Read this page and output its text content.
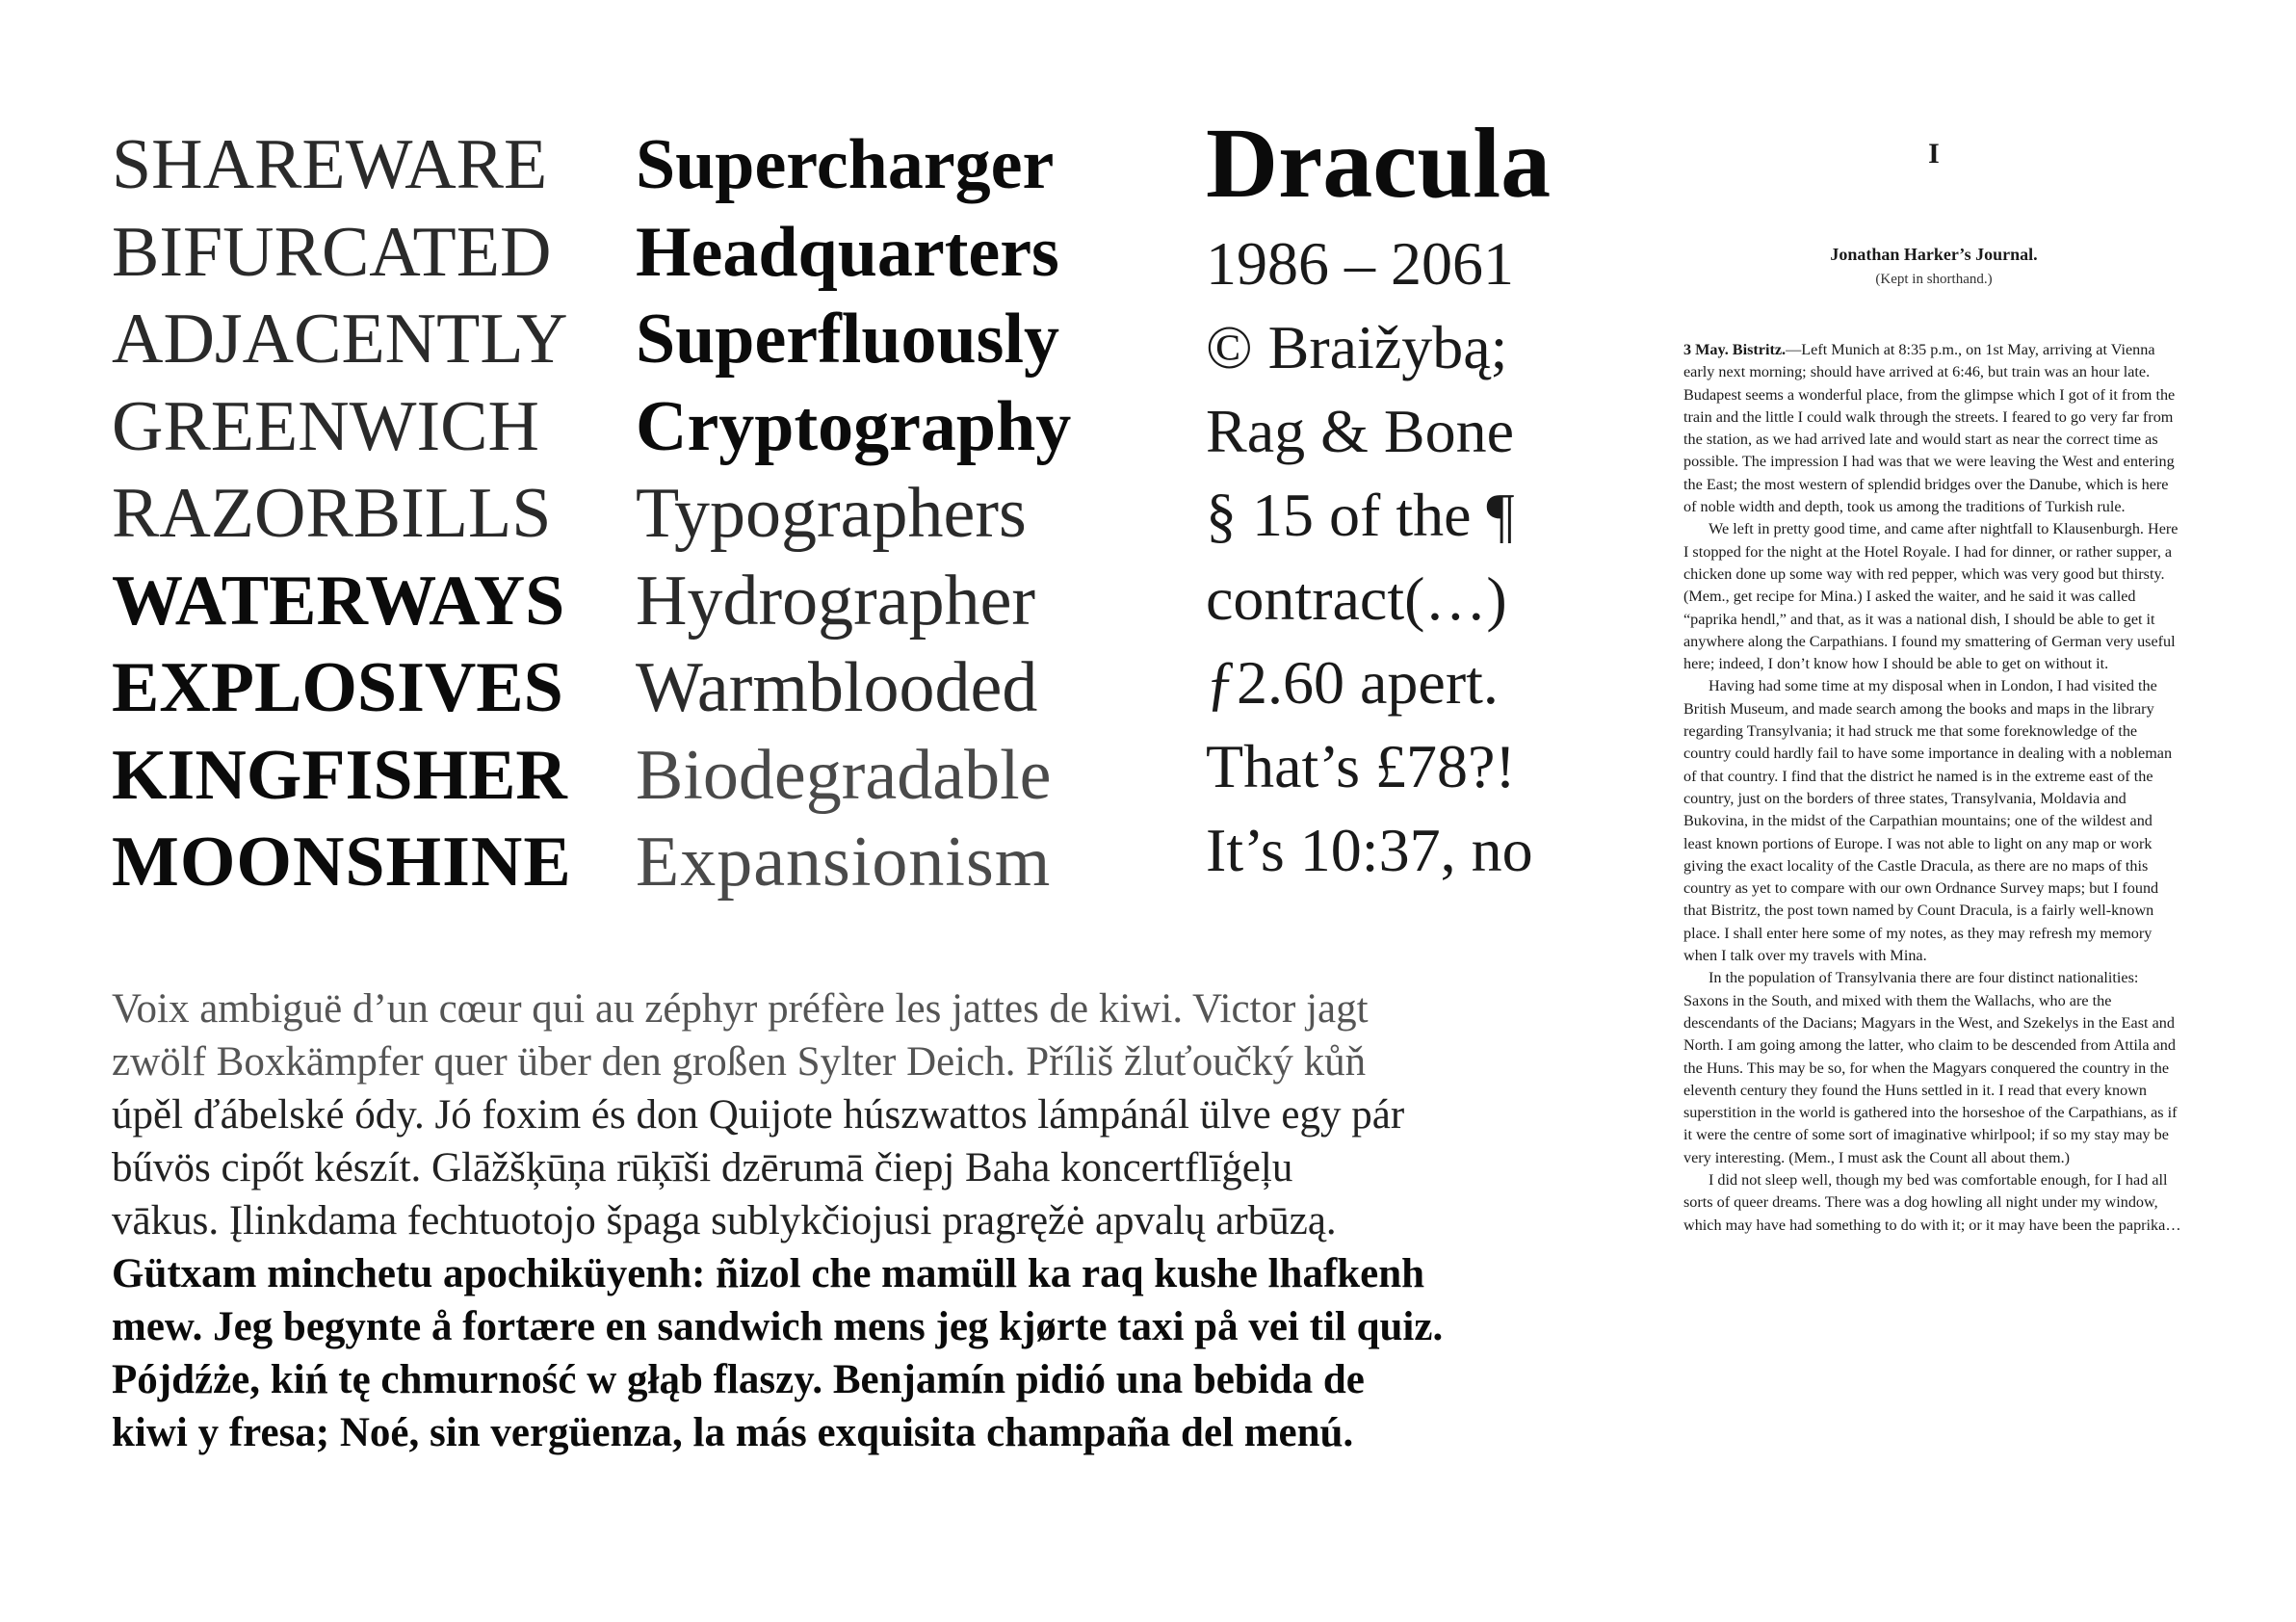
SHAREWARE
BIFURCATED
ADJACENTLY
GREENWICH
RAZORBILLS
WATERWAYS
EXPLOSIVES
KINGFISHER
MOONSHINE
Supercharger
Headquarters
Superfluously
Cryptography
Typographers
Hydrographer
Warmblooded
Biodegradable
Expansionism
Dracula
1986 – 2061
© Braižybą;
Rag & Bone
§ 15 of the ¶
contract(…)
ƒ2.60 apert.
That’s £78?!
It’s 10:37, no
Voix ambiguë d’un cœur qui au zéphyr préfère les jattes de kiwi. Victor jagt
zwölf Boxkämpfer quer über den großen Sylter Deich. Příliš žluťoučký kůň
úpěl ďábelské ódy. Jó foxim és don Quijote húszwattos lámpánál ülve egy pár
bűvös cipőt készít. Glāžšķūņa rūķīši dzērumā čiepj Baha koncertflīģeļu
vākus. Įlinkdama fechtuotojo špaga sublykčiojusi pragręžė apvalų arbūzą.
Gütxam minchetu apochiküyenh: ñizol che mamüll ka raq kushe lhafkenh
mew. Jeg begynte å fortære en sandwich mens jeg kjørte taxi på vei til quiz.
Pójdźże, kiń tę chmurność w głąb flaszy. Benjamín pidió una bebida de
kiwi y fresa; Noé, sin vergüenza, la más exquisita champaña del menú.
I
Jonathan Harker’s Journal.
(Kept in shorthand.)

3 May. Bistritz.—Left Munich at 8:35 p.m., on 1st May, arriving at Vienna early next morning; should have arrived at 6:46, but train was an hour late. Budapest seems a wonderful place, from the glimpse which I got of it from the train and the little I could walk through the streets. I feared to go very far from the station, as we had arrived late and would start as near the correct time as possible. The impression I had was that we were leaving the West and entering the East; the most western of splendid bridges over the Danube, which is here of noble width and depth, took us among the traditions of Turkish rule.

We left in pretty good time, and came after nightfall to Klausenburgh. Here I stopped for the night at the Hotel Royale. I had for dinner, or rather supper, a chicken done up some way with red pepper, which was very good but thirsty. (Mem., get recipe for Mina.) I asked the waiter, and he said it was called “paprika hendl,” and that, as it was a national dish, I should be able to get it anywhere along the Carpathians. I found my smattering of German very useful here; indeed, I don’t know how I should be able to get on without it.

Having had some time at my disposal when in London, I had visited the British Museum, and made search among the books and maps in the library regarding Transylvania; it had struck me that some foreknowledge of the country could hardly fail to have some importance in dealing with a nobleman of that country. I find that the district he named is in the extreme east of the country, just on the borders of three states, Transylvania, Moldavia and Bukovina, in the midst of the Carpathian mountains; one of the wildest and least known portions of Europe. I was not able to light on any map or work giving the exact locality of the Castle Dracula, as there are no maps of this country as yet to compare with our own Ordnance Survey maps; but I found that Bistritz, the post town named by Count Dracula, is a fairly well-known place. I shall enter here some of my notes, as they may refresh my memory when I talk over my travels with Mina.

In the population of Transylvania there are four distinct nationalities: Saxons in the South, and mixed with them the Wallachs, who are the descendants of the Dacians; Magyars in the West, and Szekelys in the East and North. I am going among the latter, who claim to be descended from Attila and the Huns. This may be so, for when the Magyars conquered the country in the eleventh century they found the Huns settled in it. I read that every known superstition in the world is gathered into the horseshoe of the Carpathians, as if it were the centre of some sort of imaginative whirlpool; if so my stay may be very interesting. (Mem., I must ask the Count all about them.)

I did not sleep well, though my bed was comfortable enough, for I had all sorts of queer dreams. There was a dog howling all night under my window, which may have had something to do with it; or it may have been the paprika…
